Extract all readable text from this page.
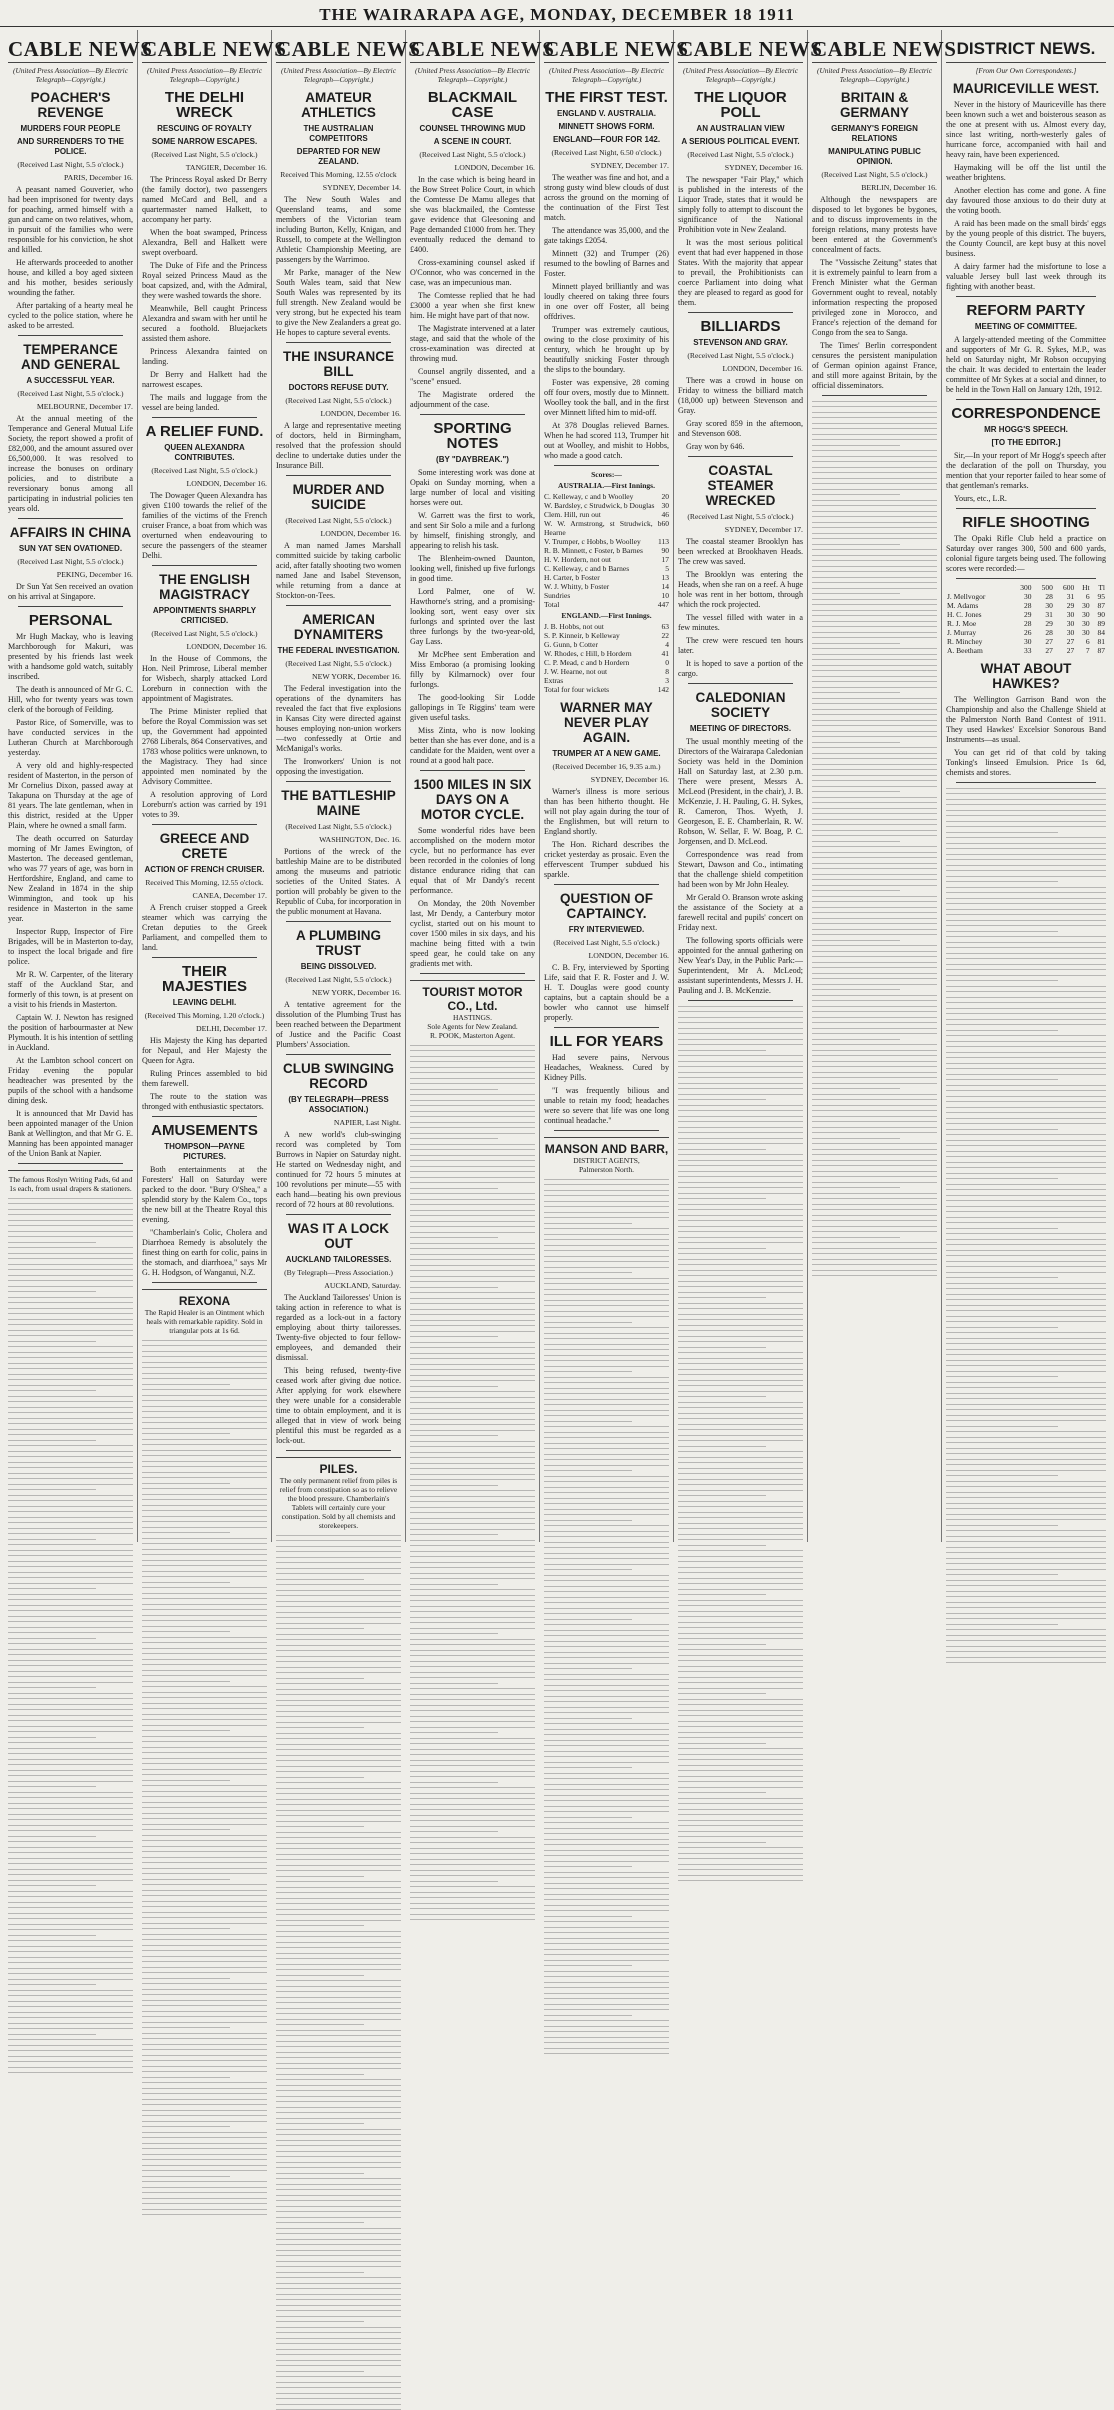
THE WAIRARAPA AGE, MONDAY, DECEMBER 18 1911
CABLE NEWS
(United Press Association—By Electric Telegraph—Copyright.)
POACHER'S REVENGE
MURDERS FOUR PEOPLE
AND SURRENDERS TO THE POLICE.
(Received Last Night, 5.5 o'clock.)

PARIS, December 16.

A peasant named Gouverier, who had been imprisoned for twenty days for poaching, armed himself with a gun and came on two relatives, whom, in pursuit of the families who were responsible for his conviction, he shot and killed.

He afterwards proceeded to another house, and killed a boy aged sixteen and his mother, besides seriously wounding the father.

After partaking of a hearty meal he cycled to the police station, where he asked to be arrested.

TEMPERANCE AND GENERAL
A SUCCESSFUL YEAR.
(Received Last Night, 5.5 o'clock.)

MELBOURNE, December 17.

At the annual meeting of the Temperance and General Mutual Life Society, the report showed a profit of £82,000, and the amount assured over £6,500,000. It was resolved to increase the bonuses on ordinary policies, and to distribute a reversionary bonus among all participating in industrial policies ten years old.

AFFAIRS IN CHINA
SUN YAT SEN OVATIONED.
(Received Last Night, 5.5 o'clock.)

PEKING, December 16.

Dr Sun Yat Sen received an ovation on his arrival at Singapore.

PERSONAL

Mr Hugh Mackay, who is leaving Marchborough for Makuri, was presented by his friends last week with a handsome gold watch, suitably inscribed.

The death is announced of Mr G. C. Hill, who for twenty years was town clerk of the borough of Feilding.

Pastor Rice, of Somerville, was to have conducted services in the Lutheran Church at Marchborough yesterday.

A very old and highly-respected resident of Masterton, in the person of Mr Cornelius Dixon, passed away at Takapuna on Thursday at the age of 81 years. The late gentleman, when in this district, resided at the Upper Plain, where he owned a small farm.

The death occurred on Saturday morning of Mr James Ewington, of Masterton. The deceased gentleman, who was 77 years of age, was born in Hertfordshire, England, and came to New Zealand in 1874 in the ship Wimmington, and took up his residence in Masterton in the same year.

Inspector Rupp, Inspector of Fire Brigades, will be in Masterton to-day, to inspect the local brigade and fire police.

Mr R. W. Carpenter, of the literary staff of the Auckland Star, and formerly of this town, is at present on a visit to his friends in Masterton.

Captain W. J. Newton has resigned the position of harbourmaster at New Plymouth. It is his intention of settling in Auckland.

At the Lambton school concert on Friday evening the popular headteacher was presented by the pupils of the school with a handsome dining desk.

It is announced that Mr David has been appointed manager of the Union Bank at Wellington, and that Mr G. E. Manning has been appointed manager of the Union Bank at Napier.

The famous Roslyn Writing Pads, 6d and 1s each, from usual drapers & stationers.
CABLE NEWS
(United Press Association—By Electric Telegraph—Copyright.)
THE DELHI WRECK
RESCUING OF ROYALTY
SOME NARROW ESCAPES.
(Received Last Night, 5.5 o'clock.)

TANGIER, December 16.

The Princess Royal asked Dr Berry (the family doctor), two passengers named McCard and Bell, and a quartermaster named Halkett, to accompany her party.

When the boat swamped, Princess Alexandra, Bell and Halkett were swept overboard.

The Duke of Fife and the Princess Royal seized Princess Maud as the boat capsized, and, with the Admiral, they were washed towards the shore.

Meanwhile, Bell caught Princess Alexandra and swam with her until he secured a foothold. Bluejackets assisted them ashore.

Princess Alexandra fainted on landing.

Dr Berry and Halkett had the narrowest escapes.

The mails and luggage from the vessel are being landed.

A RELIEF FUND.
QUEEN ALEXANDRA CONTRIBUTES.
(Received Last Night, 5.5 o'clock.)

LONDON, December 16.

The Dowager Queen Alexandra has given £100 towards the relief of the families of the victims of the French cruiser France, a boat from which was overturned when endeavouring to secure the passengers of the steamer Delhi.

THE ENGLISH MAGISTRACY
APPOINTMENTS SHARPLY CRITICISED.
(Received Last Night, 5.5 o'clock.)

LONDON, December 16.

In the House of Commons, the Hon. Neil Primrose, Liberal member for Wisbech, sharply attacked Lord Loreburn in connection with the appointment of Magistrates.

The Prime Minister replied that before the Royal Commission was set up, the Government had appointed 2768 Liberals, 864 Conservatives, and 1783 whose politics were unknown, to the Magistracy. They had since appointed men nominated by the Advisory Committee.

A resolution approving of Lord Loreburn's action was carried by 191 votes to 39.

GREECE AND CRETE
ACTION OF FRENCH CRUISER.
Received This Morning, 12.55 o'clock.

CANEA, December 17.

A French cruiser stopped a Greek steamer which was carrying the Cretan deputies to the Greek Parliament, and compelled them to land.

THEIR MAJESTIES
LEAVING DELHI.
(Received This Morning, 1.20 o'clock.)

DELHI, December 17.

His Majesty the King has departed for Nepaul, and Her Majesty the Queen for Agra.

Ruling Princes assembled to bid them farewell.

The route to the station was thronged with enthusiastic spectators.

AMUSEMENTS
THOMPSON—PAYNE PICTURES.

Both entertainments at the Foresters' Hall on Saturday were packed to the door. "Bury O'Shea," a splendid story by the Kalem Co., tops the new bill at the Theatre Royal this evening.

"Chamberlain's Colic, Cholera and Diarrhoea Remedy is absolutely the finest thing on earth for colic, pains in the stomach, and diarrhoea," says Mr G. H. Hodgson, of Wanganui, N.Z.

REXONA
The Rapid Healer is an Ointment which heals with remarkable rapidity. Sold in triangular pots at 1s 6d.
CABLE NEWS
(United Press Association—By Electric Telegraph—Copyright.)
AMATEUR ATHLETICS
THE AUSTRALIAN COMPETITORS
DEPARTED FOR NEW ZEALAND.
Received This Morning, 12.55 o'clock

SYDNEY, December 14.

The New South Wales and Queensland teams, and some members of the Victorian team including Burton, Kelly, Knigan, and Russell, to compete at the Wellington Athletic Championship Meeting, are passengers by the Warrimoo.

Mr Parke, manager of the New South Wales team, said that New South Wales was represented by its full strength. New Zealand would be very strong, but he expected his team to give the New Zealanders a great go. He hopes to capture several events.

THE INSURANCE BILL
DOCTORS REFUSE DUTY.
(Received Last Night, 5.5 o'clock.)

LONDON, December 16.

A large and representative meeting of doctors, held in Birmingham, resolved that the profession should decline to undertake duties under the Insurance Bill.

MURDER AND SUICIDE
(Received Last Night, 5.5 o'clock.)

LONDON, December 16.

A man named James Marshall committed suicide by taking carbolic acid, after fatally shooting two women named Jane and Isabel Stevenson, while returning from a dance at Stockton-on-Tees.

AMERICAN DYNAMITERS
THE FEDERAL INVESTIGATION.
(Received Last Night, 5.5 o'clock.)

NEW YORK, December 16.

The Federal investigation into the operations of the dynamiters has revealed the fact that five explosions in Kansas City were directed against houses employing non-union workers—two confessedly at Ortie and McManigal's works.

The Ironworkers' Union is not opposing the investigation.

THE BATTLESHIP MAINE
(Received Last Night, 5.5 o'clock.)

WASHINGTON, Dec. 16.

Portions of the wreck of the battleship Maine are to be distributed among the museums and patriotic societies of the United States. A portion will probably be given to the Republic of Cuba, for incorporation in the public monument at Havana.

A PLUMBING TRUST
BEING DISSOLVED.
(Received Last Night, 5.5 o'clock.)

NEW YORK, December 16.

A tentative agreement for the dissolution of the Plumbing Trust has been reached between the Department of Justice and the Pacific Coast Plumbers' Association.

CLUB SWINGING RECORD
(BY TELEGRAPH—PRESS ASSOCIATION.)

NAPIER, Last Night.

A new world's club-swinging record was completed by Tom Burrows in Napier on Saturday night. He started on Wednesday night, and continued for 72 hours 5 minutes at 100 revolutions per minute—55 with each hand—beating his own previous record of 72 hours at 80 revolutions.

WAS IT A LOCK OUT
AUCKLAND TAILORESSES.
(By Telegraph—Press Association.)

AUCKLAND, Saturday.

The Auckland Tailoresses' Union is taking action in reference to what is regarded as a lock-out in a factory employing about thirty tailoresses. Twenty-five objected to four fellow-employees, and demanded their dismissal.

This being refused, twenty-five ceased work after giving due notice. After applying for work elsewhere they were unable for a considerable time to obtain employment, and it is alleged that in view of work being plentiful this must be regarded as a lock-out.

PILES.
The only permanent relief from piles is relief from constipation so as to relieve the blood pressure. Chamberlain's Tablets will certainly cure your constipation. Sold by all chemists and storekeepers.
CABLE NEWS
(United Press Association—By Electric Telegraph—Copyright.)
BLACKMAIL CASE
COUNSEL THROWING MUD
A SCENE IN COURT.
(Received Last Night, 5.5 o'clock.)

LONDON, December 16.

In the case which is being heard in the Bow Street Police Court, in which the Comtesse De Mamu alleges that she was blackmailed, the Comtesse gave evidence that Gleesoning and Page demanded £1000 from her. They eventually reduced the demand to £400.

Cross-examining counsel asked if O'Connor, who was concerned in the case, was an impecunious man.

The Comtesse replied that he had £3000 a year when she first knew him. He might have part of that now.

The Magistrate intervened at a later stage, and said that the whole of the cross-examination was directed at throwing mud.

Counsel angrily dissented, and a "scene" ensued.

The Magistrate ordered the adjournment of the case.

SPORTING NOTES
(BY "DAYBREAK.")

Some interesting work was done at Opaki on Sunday morning, when a large number of local and visiting horses were out.

W. Garrett was the first to work, and sent Sir Solo a mile and a furlong by himself, finishing strongly, and appearing to relish his task.

The Blenheim-owned Daunton, looking well, finished up five furlongs in good time.

Lord Palmer, one of W. Hawthorne's string, and a promising-looking sort, went easy over six furlongs and sprinted over the last three furlongs by the two-year-old, Gay Lass.

Mr McPhee sent Emberation and Miss Emborao (a promising looking filly by Kilmarnock) over four furlongs.

The good-looking Sir Lodde gallopings in Te Riggins' team were given useful tasks.

Miss Zinta, who is now looking better than she has ever done, and is a candidate for the Maiden, went over a round at a good halt pace.

1500 MILES IN SIX DAYS ON A MOTOR CYCLE.

Some wonderful rides have been accomplished on the modern motor cycle, but no performance has ever been recorded in the colonies of long distance endurance riding that can equal that of Mr Dandy's recent performance.

On Monday, the 20th November last, Mr Dendy, a Canterbury motor cyclist, started out on his mount to cover 1500 miles in six days, and his machine being fitted with a twin speed gear, he could take on any gradients met with.

TOURIST MOTOR CO., Ltd.
HASTINGS.
Sole Agents for New Zealand.
R. POOK, Masterton Agent.
CABLE NEWS
(United Press Association—By Electric Telegraph—Copyright.)
THE FIRST TEST.
ENGLAND V. AUSTRALIA.
MINNETT SHOWS FORM.
ENGLAND—FOUR FOR 142.
(Received Last Night, 6.50 o'clock.)

SYDNEY, December 17.

The weather was fine and hot, and a strong gusty wind blew clouds of dust across the ground on the morning of the continuation of the First Test match.

The attendance was 35,000, and the gate takings £2054.

Minnett (32) and Trumper (26) resumed to the bowling of Barnes and Foster.

Minnett played brilliantly and was loudly cheered on taking three fours in one over off Foster, all being offdrives.

Trumper was extremely cautious, owing to the close proximity of his century, which he brought up by beautifully snicking Foster through the slips to the boundary.

Foster was expensive, 28 coming off four overs, mostly due to Minnett. Woolley took the ball, and in the first over Minnett lifted him to mid-off.

At 378 Douglas relieved Barnes. When he had scored 113, Trumper hit out at Woolley, and mishit to Hobbs, who made a good catch.

Scores:—
AUSTRALIA.—First Innings.
C. Kelleway, c and b Woolley	20
W. Bardsley, c Strudwick, b Douglas 30
Clem. Hill, run out	46
W. W. Armstrong, st Strudwick, b Hearne
60
V. Trumper, c Hobbs, b Woolley 113
R. B. Minnett, c Foster, b Barnes 90
H. V. Hordern, not out	17
C. Kelleway, c and b Barnes	5
H. Carter, b Foster	13
W. J. Whitty, b Foster	14
Sundries	10
Total	447
ENGLAND.—First Innings.
J. B. Hobbs, not out	63
S. P. Kinneir, b Kelleway	22
G. Gunn, b Cotter	4
W. Rhodes, c Hill, b Hordern	41
C. P. Mead, c and b Hordern	0
J. W. Hearne, not out	8
Extras	3
Total for four wickets	142
WARNER MAY NEVER PLAY AGAIN.
TRUMPER AT A NEW GAME.
(Received December 16, 9.35 a.m.)

SYDNEY, December 16.

Warner's illness is more serious than has been hitherto thought. He will not play again during the tour of the Englishmen, but will return to England shortly.

The Hon. Richard describes the cricket yesterday as prosaic. Even the effervescent Trumper subdued his sparkle.

QUESTION OF CAPTAINCY.
FRY INTERVIEWED.
(Received Last Night, 5.5 o'clock.)

LONDON, December 16.

C. B. Fry, interviewed by Sporting Life, said that F. R. Foster and J. W. H. T. Douglas were good county captains, but a captain should be a bowler who cannot use himself properly.

ILL FOR YEARS

Had severe pains, Nervous Headaches, Weakness. Cured by Kidney Pills.

"I was frequently bilious and unable to retain my food; headaches were so severe that life was one long continual headache."

MANSON AND BARR,
DISTRICT AGENTS,
Palmerston North.
CABLE NEWS
(United Press Association—By Electric Telegraph—Copyright.)
THE LIQUOR POLL
AN AUSTRALIAN VIEW
A SERIOUS POLITICAL EVENT.
(Received Last Night, 5.5 o'clock.)

SYDNEY, December 16.

The newspaper "Fair Play," which is published in the interests of the Liquor Trade, states that it would be simply folly to attempt to discount the significance of the National Prohibition vote in New Zealand.

It was the most serious political event that had ever happened in those States. With the majority that appear to prevail, the Prohibitionists can coerce Parliament into doing what they are pleased to regard as good for them.

BILLIARDS
STEVENSON AND GRAY.
(Received Last Night, 5.5 o'clock.)

LONDON, December 16.

There was a crowd in house on Friday to witness the billiard match (18,000 up) between Stevenson and Gray.

Gray scored 859 in the afternoon, and Stevenson 608.

Gray won by 646.

COASTAL STEAMER WRECKED
(Received Last Night, 5.5 o'clock.)

SYDNEY, December 17.

The coastal steamer Brooklyn has been wrecked at Brookhaven Heads. The crew was saved.

The Brooklyn was entering the Heads, when she ran on a reef. A huge hole was rent in her bottom, through which the rock projected.

The vessel filled with water in a few minutes.

The crew were rescued ten hours later.

It is hoped to save a portion of the cargo.

CALEDONIAN SOCIETY
MEETING OF DIRECTORS.

The usual monthly meeting of the Directors of the Wairarapa Caledonian Society was held in the Dominion Hall on Saturday last, at 2.30 p.m. There were present, Messrs A. McLeod (President, in the chair), J. B. McKenzie, J. H. Pauling, G. H. Sykes, R. Cameron, Thos. Wyeth, J. Georgeson, E. E. Chamberlain, R. W. Robson, W. Sellar, F. W. Boag, P. C. Jorgensen, and D. McLeod.

Correspondence was read from Stewart, Dawson and Co., intimating that the challenge shield competition had been won by Mr John Healey.

Mr Gerald O. Branson wrote asking the assistance of the Society at a farewell recital and pupils' concert on Friday next.

The following sports officials were appointed for the annual gathering on New Year's Day, in the Public Park:—Superintendent, Mr A. McLeod; assistant superintendents, Messrs J. H. Pauling and J. B. McKenzie.

CABLE NEWS
(United Press Association—By Electric Telegraph—Copyright.)
BRITAIN & GERMANY
GERMANY'S FOREIGN RELATIONS
MANIPULATING PUBLIC OPINION.
(Received Last Night, 5.5 o'clock.)

BERLIN, December 16.

Although the newspapers are disposed to let bygones be bygones, and to discuss improvements in the foreign relations, many protests have been entered at the Government's concealment of facts.

The "Vossische Zeitung" states that it is extremely painful to learn from a French Minister what the German Government ought to reveal, notably information respecting the proposed privileged zone in Morocco, and France's rejection of the demand for Congo from the sea to Sanga.

The Times' Berlin correspondent censures the persistent manipulation of German opinion against France, and still more against Britain, by the official disseminators.

DISTRICT NEWS.
[From Our Own Correspondents.]
MAURICEVILLE WEST.

Never in the history of Mauriceville has there been known such a wet and boisterous season as the one at present with us. Almost every day, since last writing, north-westerly gales of hurricane force, accompanied with hail and heavy rain, have been experienced.

Haymaking will be off the list until the weather brightens.

Another election has come and gone. A fine day favoured those anxious to do their duty at the voting booth.

A raid has been made on the small birds' eggs by the young people of this district. The buyers, the County Council, are kept busy at this novel business.

A dairy farmer had the misfortune to lose a valuable Jersey bull last week through its fighting with another beast.

REFORM PARTY
MEETING OF COMMITTEE.

A largely-attended meeting of the Committee and supporters of Mr G. R. Sykes, M.P., was held on Saturday night, Mr Robson occupying the chair. It was decided to entertain the leader committee of Mr Sykes at a social and dinner, to be held in the Town Hall on January 12th, 1912.

CORRESPONDENCE
MR HOGG'S SPEECH.
[TO THE EDITOR.]

Sir,—In your report of Mr Hogg's speech after the declaration of the poll on Thursday, you mention that your reporter failed to hear some of that gentleman's remarks.

Yours, etc., L.R.

RIFLE SHOOTING

The Opaki Rifle Club held a practice on Saturday over ranges 300, 500 and 600 yards, colonial figure targets being used. The following scores were recorded:—

	300	500	600	Ht	Tl
J. Mellvogor	30	28	31	6	95
M. Adams	28	30	29	30	87
H. C. Jones	29	31	30	30	90
R. J. Moe	28	29	30	30	89
J. Murray	26	28	30	30	84
R. Minchey	30	27	27	6	81
A. Beetham	33	27	27	7	87
WHAT ABOUT HAWKES?

The Wellington Garrison Band won the Championship and also the Challenge Shield at the Palmerston North Band Contest of 1911. They used Hawkes' Excelsior Sonorous Band Instruments—as usual.

You can get rid of that cold by taking Tonking's linseed Emulsion. Price 1s 6d, chemists and stores.
